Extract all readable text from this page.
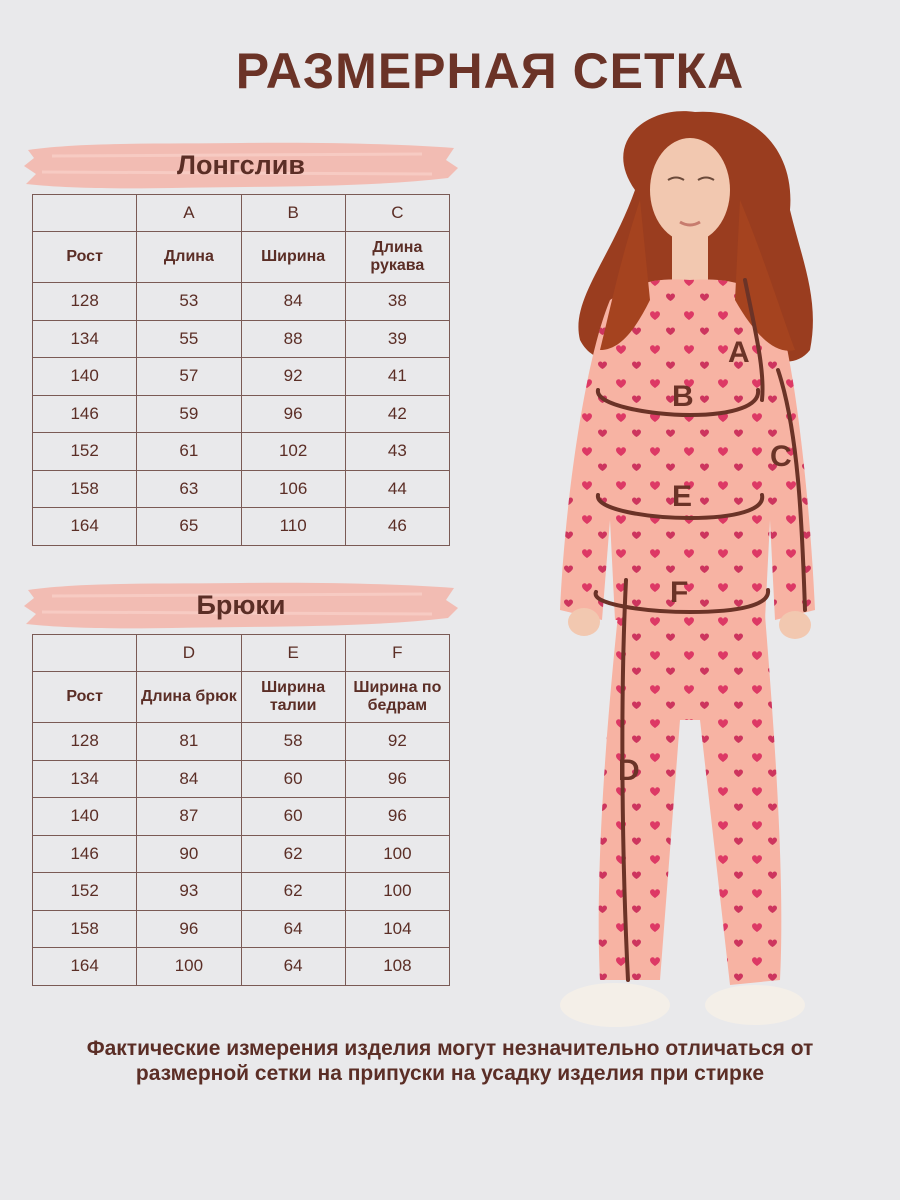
РАЗМЕРНАЯ СЕТКА
Лонгслив
	A	B	C
Рост	Длина	Ширина	Длина рукава
128	53	84	38
134	55	88	39
140	57	92	41
146	59	96	42
152	61	102	43
158	63	106	44
164	65	110	46
Брюки
	D	E	F
Рост	Длина брюк	Ширина талии	Ширина по бедрам
128	81	58	92
134	84	60	96
140	87	60	96
146	90	62	100
152	93	62	100
158	96	64	104
164	100	64	108
A
B
C
E
F
D

Фактические измерения изделия могут незначительно отличаться от размерной сетки на припуски на усадку изделия при стирке
